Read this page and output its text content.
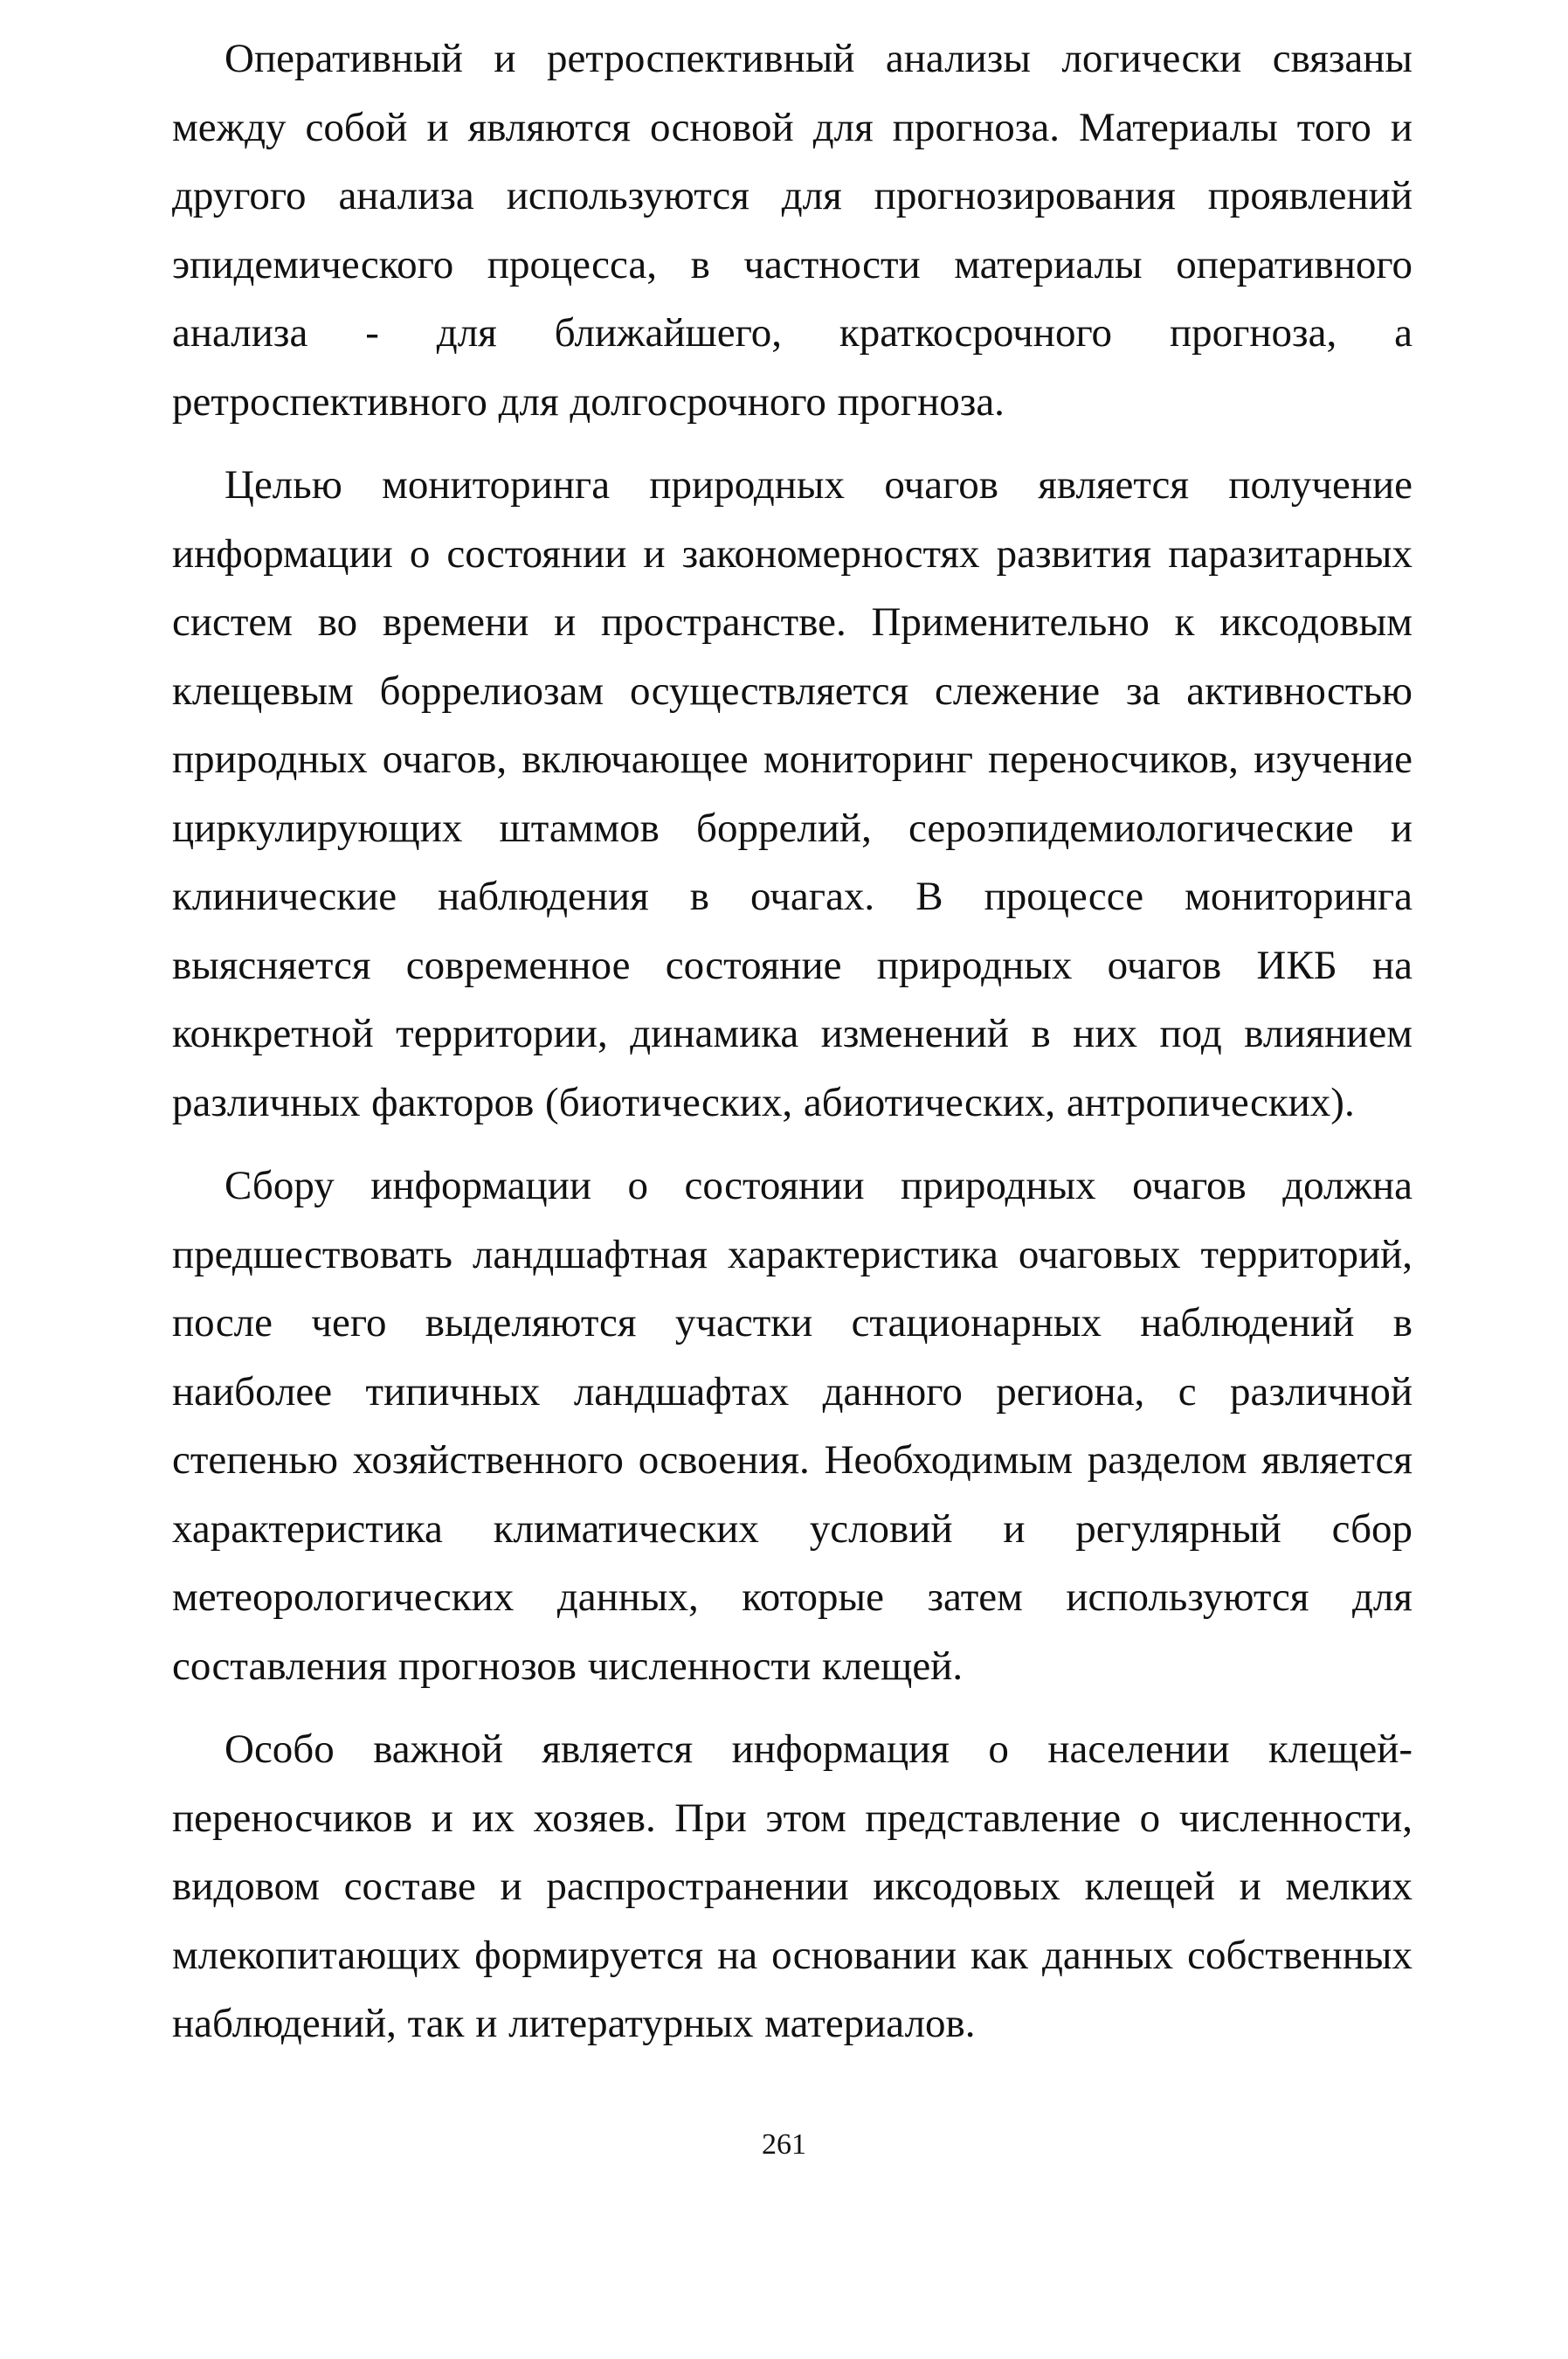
Оперативный и ретроспективный анализы логически связаны между собой и являются основой для прогноза. Материалы того и другого анализа используются для прогнозирования проявлений эпидемического процесса, в частности материалы оперативного анализа - для ближайшего, краткосрочного прогноза, а ретроспективного для долгосрочного прогноза.

Целью мониторинга природных очагов является получение информации о состоянии и закономерностях развития паразитарных систем во времени и пространстве. Применительно к иксодовым клещевым боррелиозам осуществляется слежение за активностью природных очагов, включающее мониторинг переносчиков, изучение циркулирующих штаммов боррелий, сероэпидемиологические и клинические наблюдения в очагах. В процессе мониторинга выясняется современное состояние природных очагов ИКБ на конкретной территории, динамика изменений в них под влиянием различных факторов (биотических, абиотических, антропических).

Сбору информации о состоянии природных очагов должна предшествовать ландшафтная характеристика очаговых территорий, после чего выделяются участки стационарных наблюдений в наиболее типичных ландшафтах данного региона, с различной степенью хозяйственного освоения. Необходимым разделом является характеристика климатических условий и регулярный сбор метеорологических данных, которые затем используются для составления прогнозов численности клещей.

Особо важной является информация о населении клещей-переносчиков и их хозяев. При этом представление о численности, видовом составе и распространении иксодовых клещей и мелких млекопитающих формируется на основании как данных собственных наблюдений, так и литературных материалов.

261
